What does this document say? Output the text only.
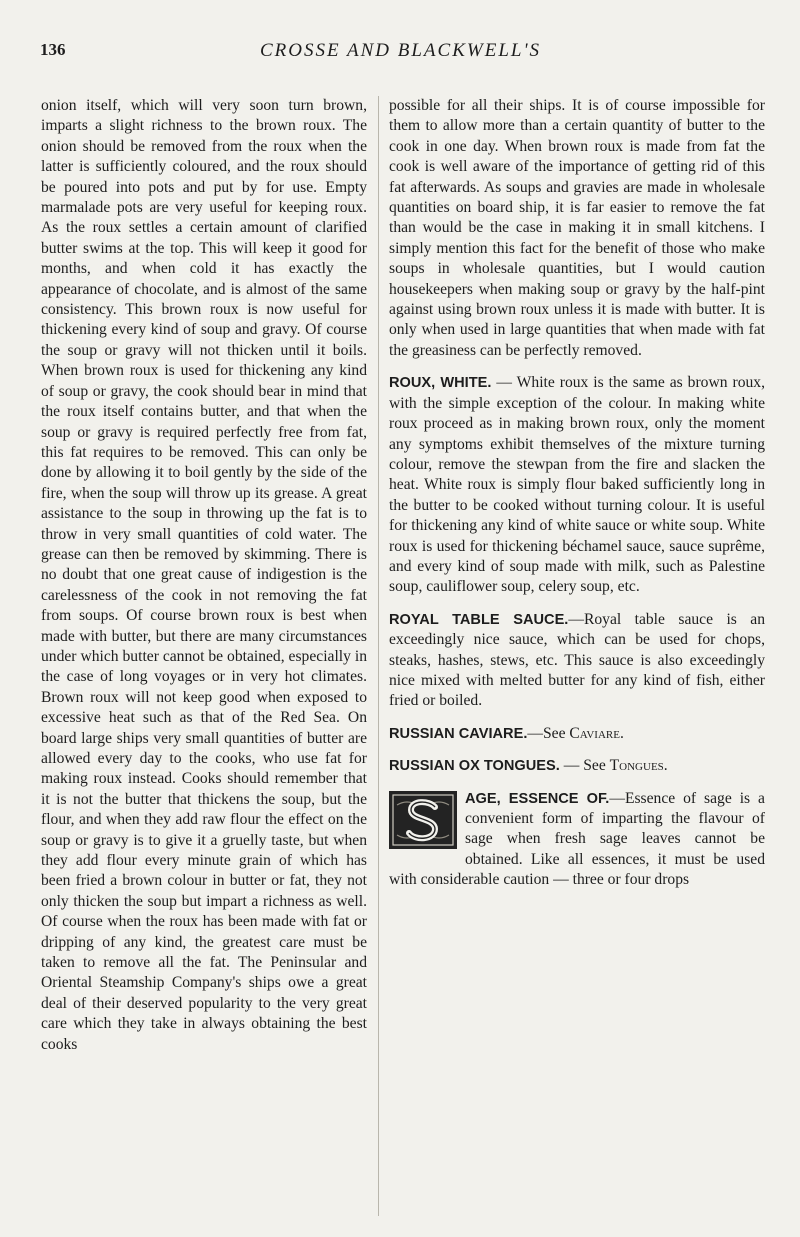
136	CROSSE AND BLACKWELL'S

onion itself, which will very soon turn brown, imparts a slight richness to the brown roux. The onion should be removed from the roux when the latter is sufficiently coloured, and the roux should be poured into pots and put by for use. Empty marmalade pots are very useful for keeping roux. As the roux settles a certain amount of clarified butter swims at the top. This will keep it good for months, and when cold it has exactly the appearance of chocolate, and is almost of the same consistency. This brown roux is now useful for thickening every kind of soup and gravy. Of course the soup or gravy will not thicken until it boils. When brown roux is used for thickening any kind of soup or gravy, the cook should bear in mind that the roux itself contains butter, and that when the soup or gravy is required perfectly free from fat, this fat requires to be removed. This can only be done by allowing it to boil gently by the side of the fire, when the soup will throw up its grease. A great assistance to the soup in throwing up the fat is to throw in very small quantities of cold water. The grease can then be removed by skimming. There is no doubt that one great cause of indigestion is the carelessness of the cook in not removing the fat from soups. Of course brown roux is best when made with butter, but there are many circumstances under which butter cannot be obtained, especially in the case of long voyages or in very hot climates. Brown roux will not keep good when exposed to excessive heat such as that of the Red Sea. On board large ships very small quantities of butter are allowed every day to the cooks, who use fat for making roux instead. Cooks should remember that it is not the butter that thickens the soup, but the flour, and when they add raw flour the effect on the soup or gravy is to give it a gruelly taste, but when they add flour every minute grain of which has been fried a brown colour in butter or fat, they not only thicken the soup but impart a richness as well. Of course when the roux has been made with fat or dripping of any kind, the greatest care must be taken to remove all the fat. The Peninsular and Oriental Steamship Company's ships owe a great deal of their deserved popularity to the very great care which they take in always obtaining the best cooks

possible for all their ships. It is of course impossible for them to allow more than a certain quantity of butter to the cook in one day. When brown roux is made from fat the cook is well aware of the importance of getting rid of this fat afterwards. As soups and gravies are made in wholesale quantities on board ship, it is far easier to remove the fat than would be the case in making it in small kitchens. I simply mention this fact for the benefit of those who make soups in wholesale quantities, but I would caution housekeepers when making soup or gravy by the half-pint against using brown roux unless it is made with butter. It is only when used in large quantities that when made with fat the greasiness can be perfectly removed.

ROUX, WHITE. — White roux is the same as brown roux, with the simple exception of the colour. In making white roux proceed as in making brown roux, only the moment any symptoms exhibit themselves of the mixture turning colour, remove the stewpan from the fire and slacken the heat. White roux is simply flour baked sufficiently long in the butter to be cooked without turning colour. It is useful for thickening any kind of white sauce or white soup. White roux is used for thickening béchamel sauce, sauce suprême, and every kind of soup made with milk, such as Palestine soup, cauliflower soup, celery soup, etc.

ROYAL TABLE SAUCE.—Royal table sauce is an exceedingly nice sauce, which can be used for chops, steaks, hashes, stews, etc. This sauce is also exceedingly nice mixed with melted butter for any kind of fish, either fried or boiled.

RUSSIAN CAVIARE.—See Caviare.

RUSSIAN OX TONGUES. — See Tongues.

AGE, ESSENCE OF.—Essence of sage is a convenient form of imparting the flavour of sage when fresh sage leaves cannot be obtained. Like all essences, it must be used with considerable caution — three or four drops
